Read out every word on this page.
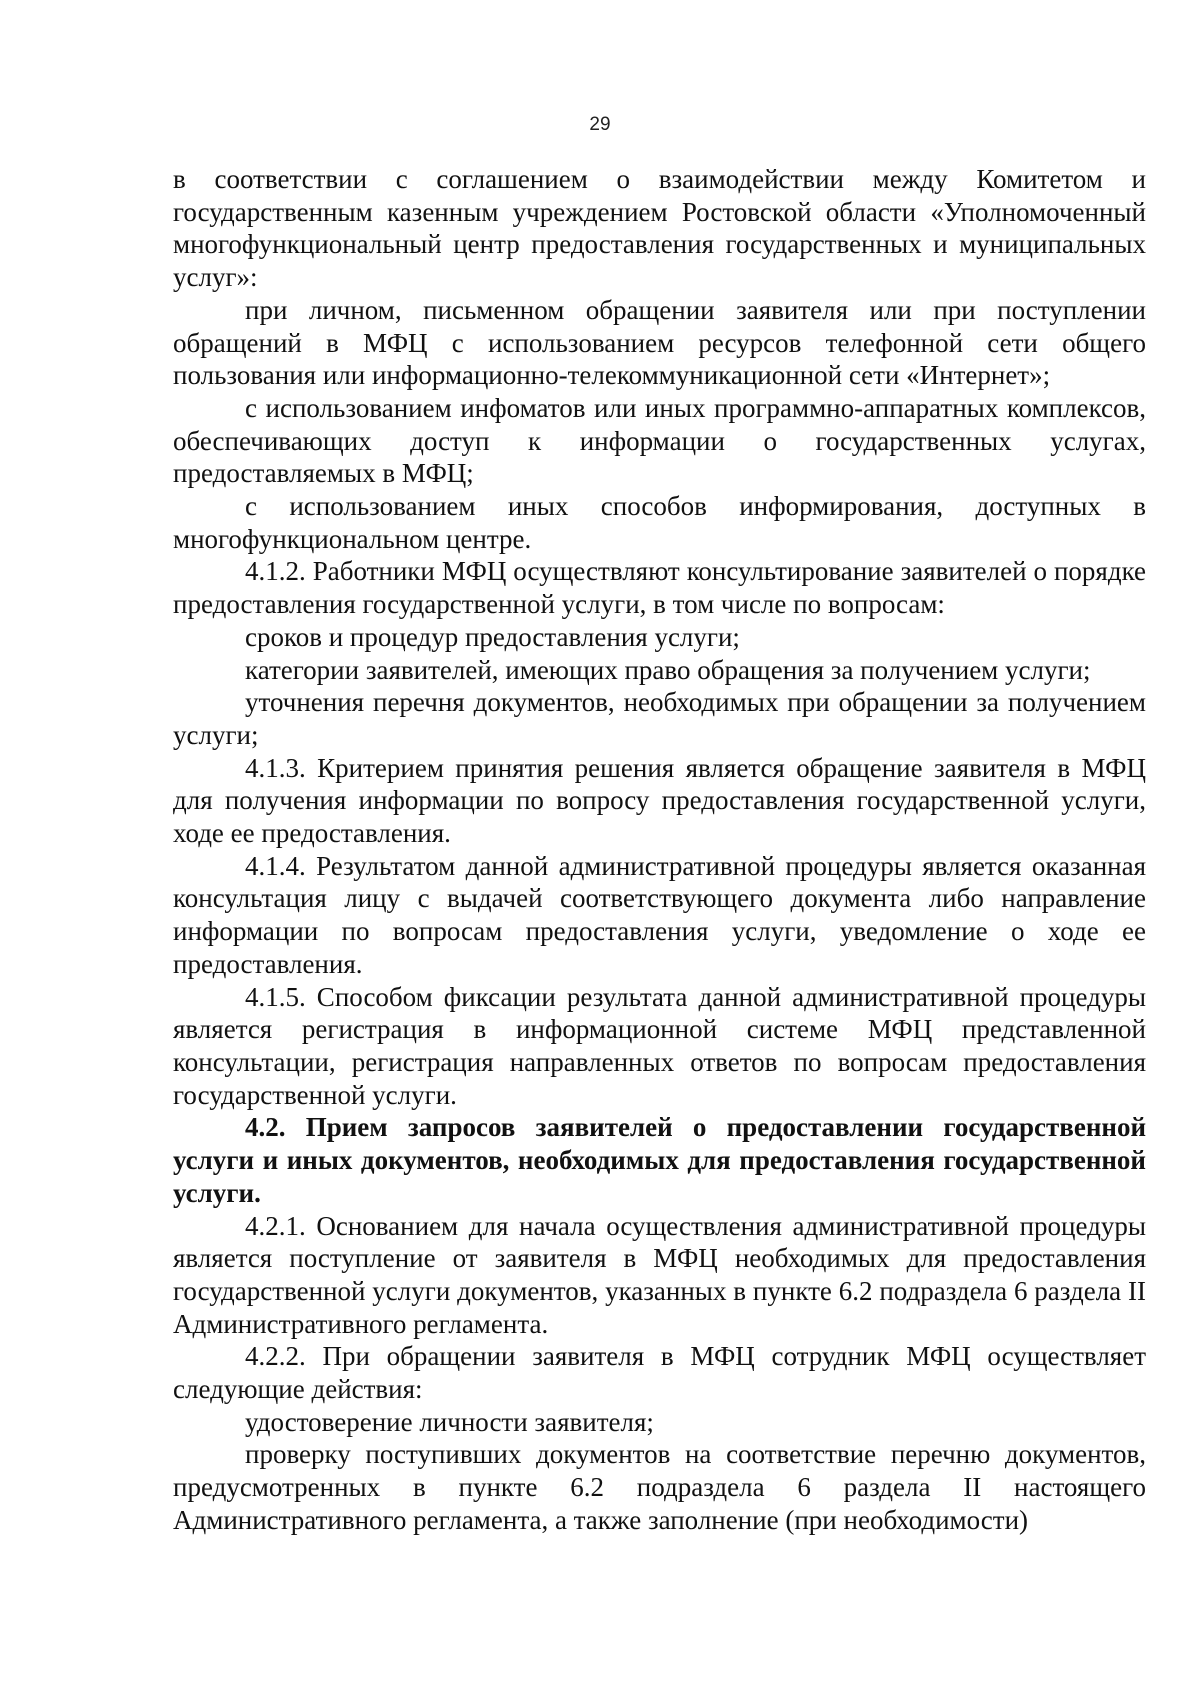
29

в соответствии с соглашением о взаимодействии между Комитетом и государственным казенным учреждением Ростовской области «Уполномоченный многофункциональный центр предоставления государственных и муниципальных услуг»:

при личном, письменном обращении заявителя или при поступлении обращений в МФЦ с использованием ресурсов телефонной сети общего пользования или информационно-телекоммуникационной сети «Интернет»;

с использованием инфоматов или иных программно-аппаратных комплексов, обеспечивающих доступ к информации о государственных услугах, предоставляемых в МФЦ;

с использованием иных способов информирования, доступных в многофункциональном центре.

4.1.2. Работники МФЦ осуществляют консультирование заявителей о порядке предоставления государственной услуги, в том числе по вопросам:

сроков и процедур предоставления услуги;

категории заявителей, имеющих право обращения за получением услуги;

уточнения перечня документов, необходимых при обращении за получением услуги;

4.1.3. Критерием принятия решения является обращение заявителя в МФЦ для получения информации по вопросу предоставления государственной услуги, ходе ее предоставления.

4.1.4. Результатом данной административной процедуры является оказанная консультация лицу с выдачей соответствующего документа либо направление информации по вопросам предоставления услуги, уведомление о ходе ее предоставления.

4.1.5. Способом фиксации результата данной административной процедуры является регистрация в информационной системе МФЦ представленной консультации, регистрация направленных ответов по вопросам предоставления государственной услуги.

4.2. Прием запросов заявителей о предоставлении государственной услуги и иных документов, необходимых для предоставления государственной услуги.

4.2.1. Основанием для начала осуществления административной процедуры является поступление от заявителя в МФЦ необходимых для предоставления государственной услуги документов, указанных в пункте 6.2 подраздела 6 раздела II Административного регламента.

4.2.2. При обращении заявителя в МФЦ сотрудник МФЦ осуществляет следующие действия:

удостоверение личности заявителя;

проверку поступивших документов на соответствие перечню документов, предусмотренных в пункте 6.2 подраздела 6 раздела II настоящего Административного регламента, а также заполнение (при необходимости)
